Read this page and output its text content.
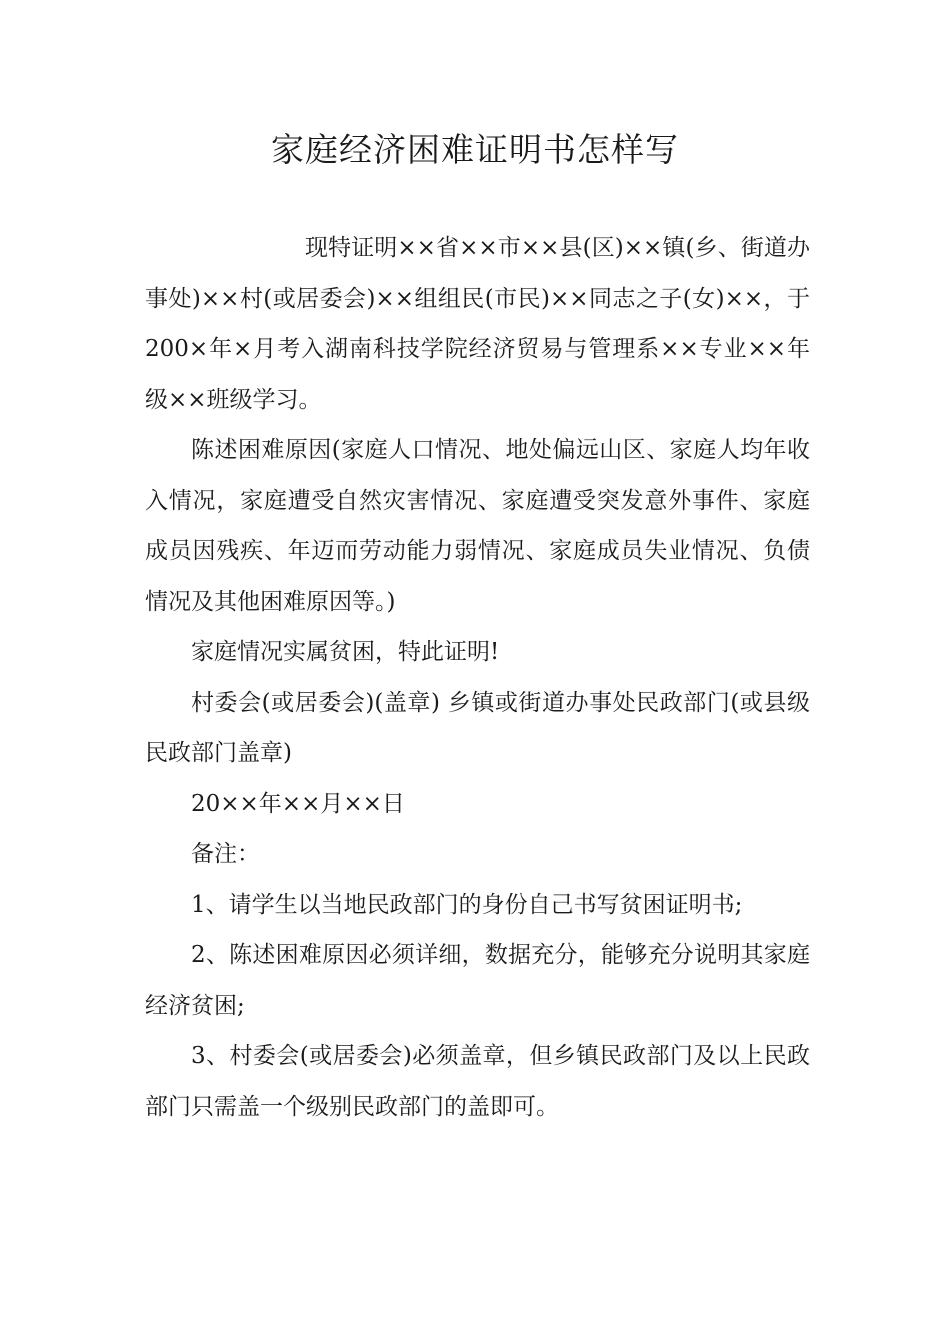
家庭经济困难证明书怎样写

现特证明××省××市××县(区)××镇(乡、街道办事处)××村(或居委会)××组组民(市民)××同志之子(女)××，于200×年×月考入湖南科技学院经济贸易与管理系××专业××年级××班级学习。

陈述困难原因(家庭人口情况、地处偏远山区、家庭人均年收入情况，家庭遭受自然灾害情况、家庭遭受突发意外事件、家庭成员因残疾、年迈而劳动能力弱情况、家庭成员失业情况、负债情况及其他困难原因等。)

家庭情况实属贫困，特此证明!

村委会(或居委会)(盖章) 乡镇或街道办事处民政部门(或县级民政部门盖章)

20××年××月××日

备注：

1、请学生以当地民政部门的身份自己书写贫困证明书;

2、陈述困难原因必须详细，数据充分，能够充分说明其家庭经济贫困;

3、村委会(或居委会)必须盖章，但乡镇民政部门及以上民政部门只需盖一个级别民政部门的盖即可。
